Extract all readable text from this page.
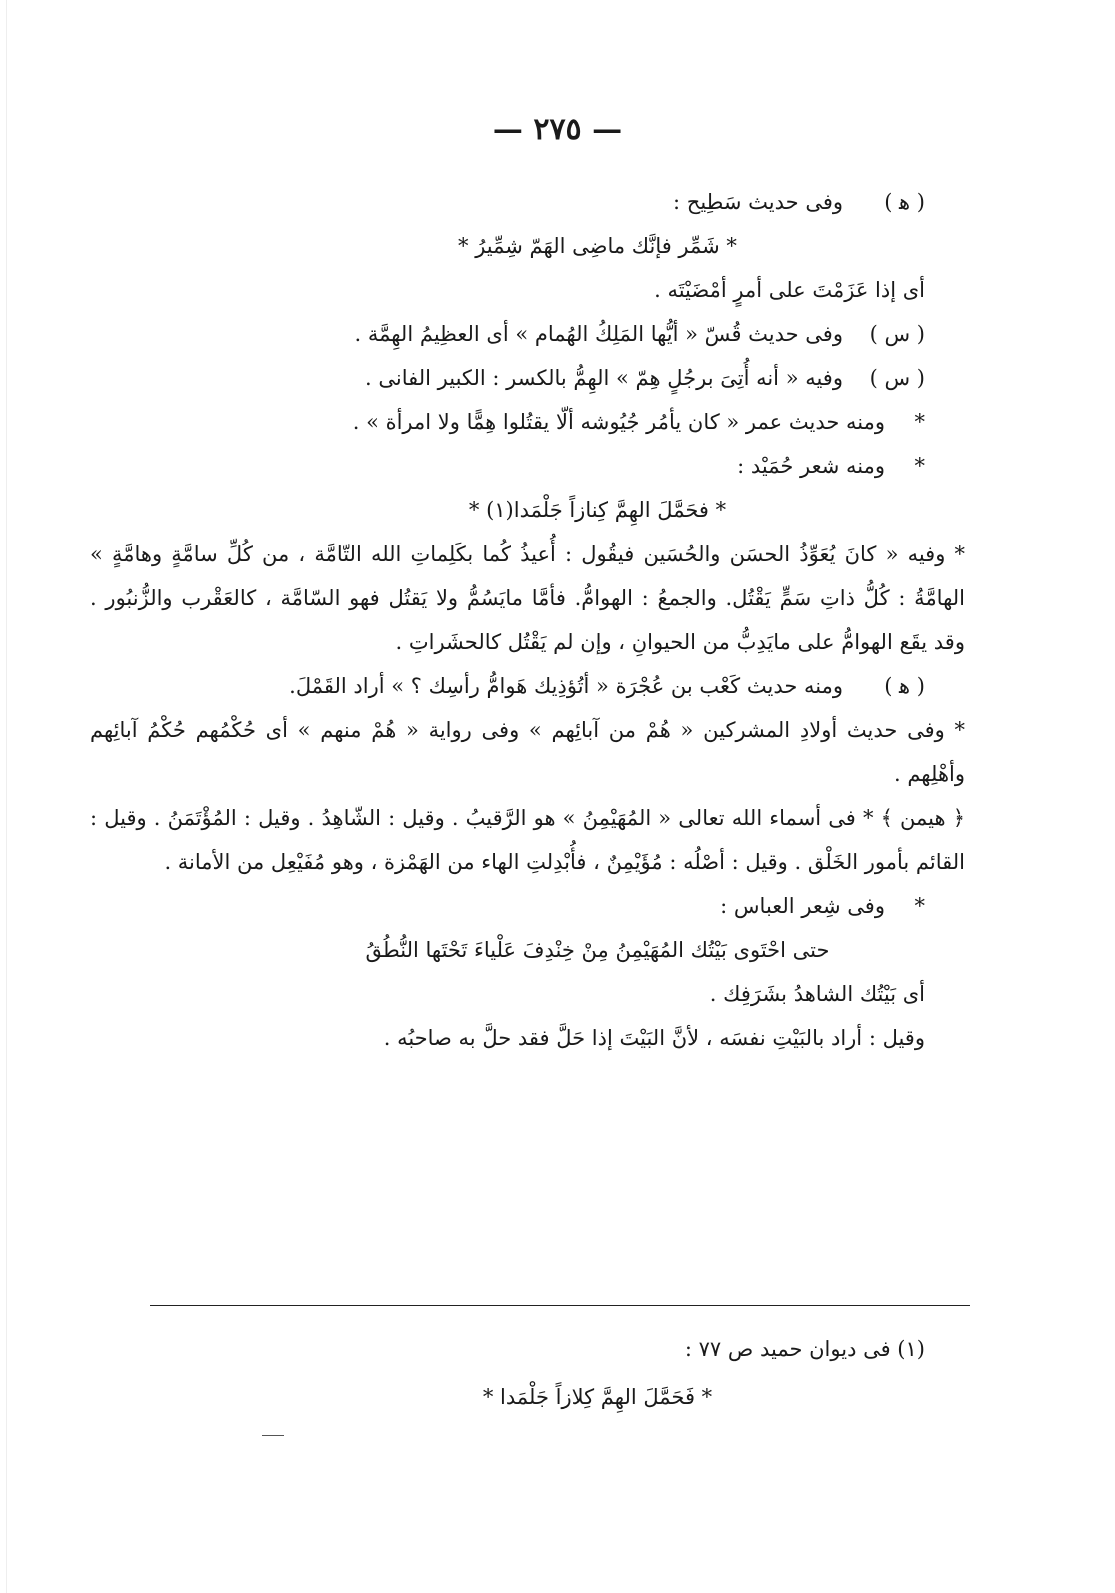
— ٢٧٥ —
( ﻫ )وفى حديث سَطِيح :
* شَمِّر فإنَّك ماضِى الهَمّ شِمِّيرُ *
أى إذا عَزَمْتَ على أمرٍ أمْضَيْتَه .
( س )وفى حديث قُسّ « أيُّها المَلِكُ الهُمام » أى العظِيمُ الهِمَّة .
( س )وفيه « أنه أُتِىَ برجُلٍ هِمّ » الهِمُّ بالكسر : الكبير الفانى .
*ومنه حديث عمر « كان يأمُر جُيُوشه ألّا يقتُلوا هِمًّا ولا امرأة » .
*ومنه شعر حُمَيْد :
* فحَمَّلَ الهِمَّ كِنازاً جَلْمَدا(١) *
* وفيه « كانَ يُعَوِّذُ الحسَن والحُسَين فيقُول : أُعيذُ كُما بكَلِماتِ الله التّامَّة ، من كُلِّ سامَّةٍ وهامَّةٍ » الهامَّةُ : كُلُّ ذاتِ سَمٍّ يَقْتُل. والجمعُ : الهوامُّ. فأمَّا مايَسُمُّ ولا يَقتُل فهو السّامَّة ، كالعَقْرب والزُّنبُور . وقد يقَع الهوامُّ على مايَدِبُّ من الحيوانِ ، وإن لم يَقْتُل كالحشَراتِ .
( ﻫ )ومنه حديث كَعْب بن عُجْرَة « أتُؤذِيك هَوامُّ رأسِك ؟ » أراد القَمْلَ.
* وفى حديث أولادِ المشركين « هُمْ من آبائِهم » وفى رواية « هُمْ منهم » أى حُكْمُهم حُكْمُ آبائِهم وأهْلِهم .
﴿ هيمن ﴾ * فى أسماء الله تعالى « المُهَيْمِنُ » هو الرَّقيبُ . وقيل : الشّاهِدُ . وقيل : المُؤْتَمَنُ . وقيل : القائم بأمور الخَلْق . وقيل : أصْلُه : مُؤَيْمِنٌ ، فأُبْدِلتِ الهاء من الهَمْزة ، وهو مُفَيْعِل من الأمانة .
*وفى شِعر العباس :
حتى احْتَوى بَيْتُك المُهَيْمِنُ مِنْ خِنْدِفَ عَلْياءَ تَحْتَها النُّطُقُ
أى بَيْتُك الشاهدُ بشَرَفِك .
وقيل : أراد بالبَيْتِ نفسَه ، لأنَّ البَيْتَ إذا حَلَّ فقد حلَّ به صاحبُه .
(١) فى ديوان حميد ص ٧٧ :
* فَحَمَّلَ الهِمَّ كِلازاً جَلْمَدا *
